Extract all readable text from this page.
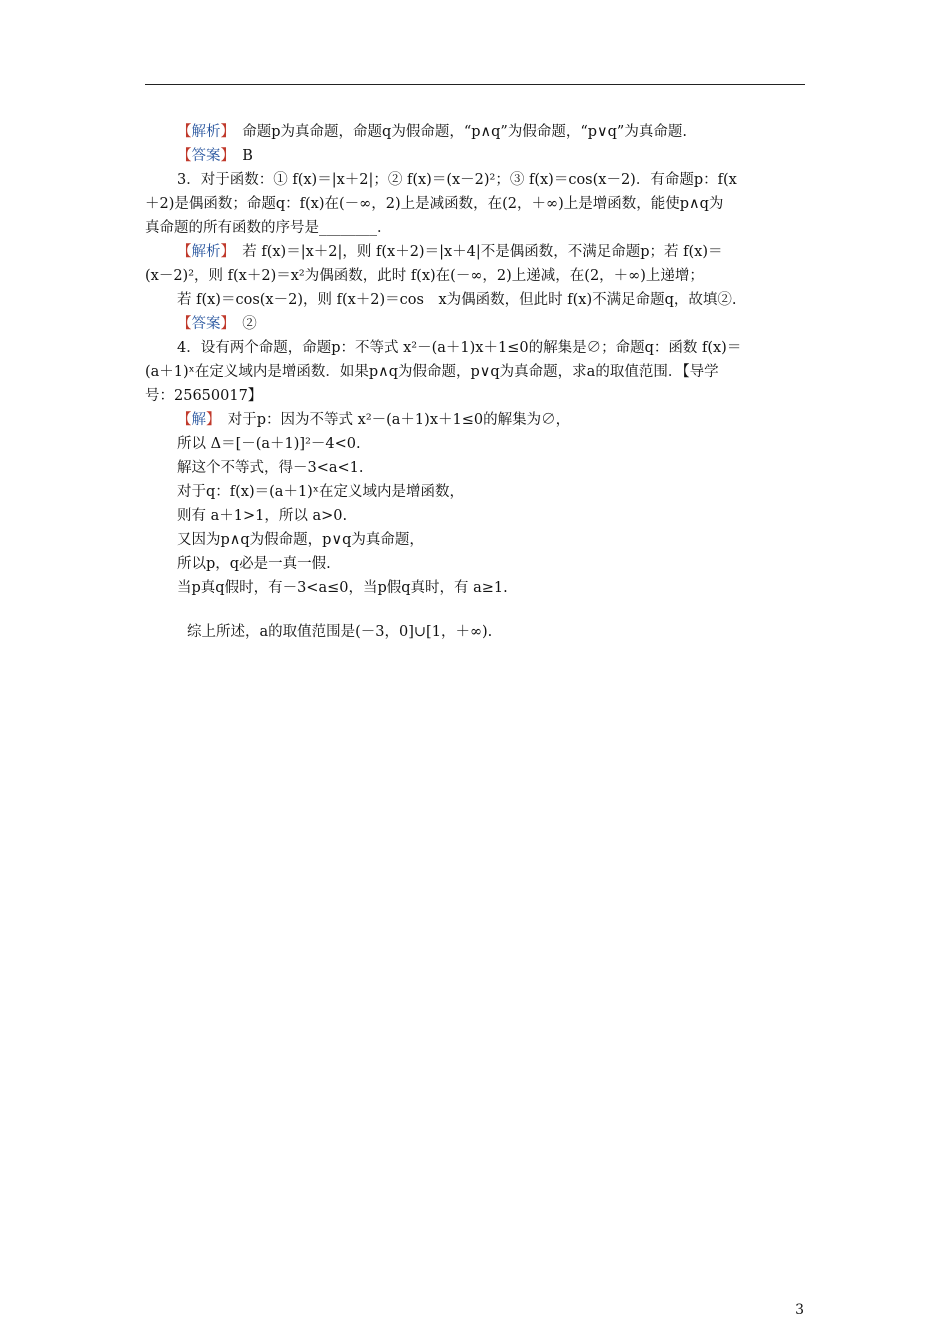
【解析】　命题p为真命题，命题q为假命题，“p∧q”为假命题，“p∨q”为真命题.
【答案】　B
3．对于函数：① f(x)＝|x＋2|；② f(x)＝(x－2)²；③ f(x)＝cos(x－2)．有命题p：f(x
＋2)是偶函数；命题q：f(x)在(－∞，2)上是减函数，在(2，＋∞)上是增函数，能使p∧q为
真命题的所有函数的序号是________．
【解析】　若 f(x)＝|x＋2|，则 f(x＋2)＝|x＋4|不是偶函数，不满足命题p；若 f(x)＝
(x－2)²，则 f(x＋2)＝x²为偶函数，此时 f(x)在(－∞，2)上递减，在(2，＋∞)上递增；
若 f(x)＝cos(x－2)，则 f(x＋2)＝cos　x为偶函数，但此时 f(x)不满足命题q，故填②.
【答案】　②
4．设有两个命题，命题p：不等式 x²－(a＋1)x＋1≤0的解集是∅；命题q：函数 f(x)＝
(a＋1)ˣ在定义域内是增函数．如果p∧q为假命题，p∨q为真命题，求a的取值范围．【导学
号：25650017】
【解】　对于p：因为不等式 x²－(a＋1)x＋1≤0的解集为∅，
所以 Δ＝[－(a＋1)]²－4<0.
解这个不等式，得－3<a<1.
对于q：f(x)＝(a＋1)ˣ在定义域内是增函数，
则有 a＋1>1，所以 a>0.
又因为p∧q为假命题，p∨q为真命题，
所以p，q必是一真一假.
当p真q假时，有－3<a≤0，当p假q真时，有 a≥1.
综上所述，a的取值范围是(－3，0]∪[1，＋∞).
3
